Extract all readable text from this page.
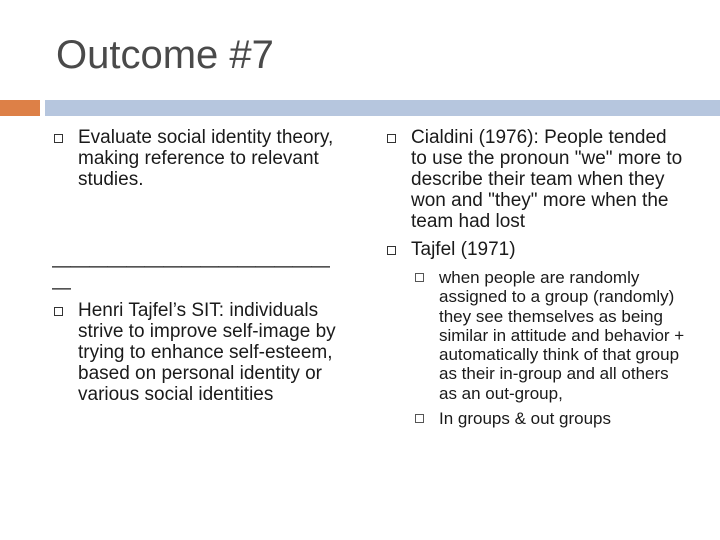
Outcome #7
Evaluate social identity theory, making reference to relevant studies.
———————————————
—
Henri Tajfel’s SIT: individuals strive to improve self-image by trying to enhance self-esteem, based on personal identity or various social identities
Cialdini (1976): People tended to use the pronoun "we" more to describe their team when they won and "they" more when the team had lost
Tajfel (1971)
when people are randomly assigned to a group (randomly) they see themselves as being similar in attitude and behavior + automatically think of that group as their in-group and all others as an out-group,
In groups & out groups
